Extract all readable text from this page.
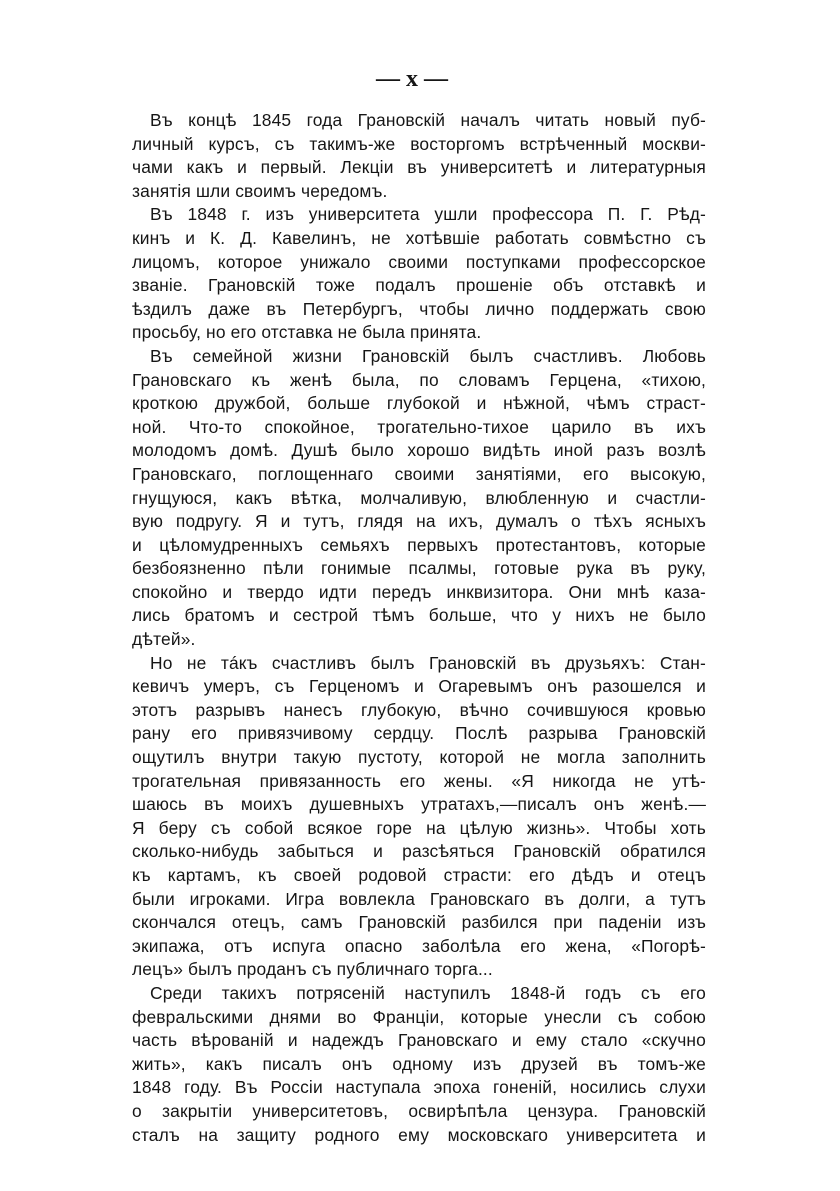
— x —
Въ концѣ 1845 года Грановскій началъ читать новый пуб-
личный курсъ, съ такимъ-же восторгомъ встрѣченный москви-
чами какъ и первый. Лекціи въ университетѣ и литературныя
занятія шли своимъ чередомъ.
Въ 1848 г. изъ университета ушли профессора П. Г. Рѣд-
кинъ и К. Д. Кавелинъ, не хотѣвшіе работать совмѣстно съ
лицомъ, которое унижало своими поступками профессорское
званіе. Грановскій тоже подалъ прошеніе объ отставкѣ и
ѣздилъ даже въ Петербургъ, чтобы лично поддержать свою
просьбу, но его отставка не была принята.
Въ семейной жизни Грановскій былъ счастливъ. Любовь
Грановскаго къ женѣ была, по словамъ Герцена, «тихою,
кроткою дружбой, больше глубокой и нѣжной, чѣмъ страст-
ной. Что-то спокойное, трогательно-тихое царило въ ихъ
молодомъ домѣ. Душѣ было хорошо видѣть иной разъ возлѣ
Грановскаго, поглощеннаго своими занятіями, его высокую,
гнущуюся, какъ вѣтка, молчаливую, влюбленную и счастли-
вую подругу. Я и тутъ, глядя на ихъ, думалъ о тѣхъ ясныхъ
и цѣломудренныхъ семьяхъ первыхъ протестантовъ, которые
безбоязненно пѣли гонимые псалмы, готовые рука въ руку,
спокойно и твердо идти передъ инквизитора. Они мнѣ каза-
лись братомъ и сестрой тѣмъ больше, что у нихъ не было
дѣтей».
Но не тáкъ счастливъ былъ Грановскій въ друзьяхъ: Стан-
кевичъ умеръ, съ Герценомъ и Огаревымъ онъ разошелся и
этотъ разрывъ нанесъ глубокую, вѣчно сочившуюся кровью
рану его привязчивому сердцу. Послѣ разрыва Грановскій
ощутилъ внутри такую пустоту, которой не могла заполнить
трогательная привязанность его жены. «Я никогда не утѣ-
шаюсь въ моихъ душевныхъ утратахъ,—писалъ онъ женѣ.—
Я беру съ собой всякое горе на цѣлую жизнь». Чтобы хоть
сколько-нибудь забыться и разсѣяться Грановскій обратился
къ картамъ, къ своей родовой страсти: его дѣдъ и отецъ
были игроками. Игра вовлекла Грановскаго въ долги, а тутъ
скончался отецъ, самъ Грановскій разбился при паденіи изъ
экипажа, отъ испуга опасно заболѣла его жена, «Погорѣ-
лецъ» былъ проданъ съ публичнаго торга...
Среди такихъ потрясеній наступилъ 1848-й годъ съ его
февральскими днями во Франціи, которые унесли съ собою
часть вѣрованій и надеждъ Грановскаго и ему стало «скучно
жить», какъ писалъ онъ одному изъ друзей въ томъ-же
1848 году. Въ Россіи наступала эпоха гоненій, носились слухи
о закрытіи университетовъ, освирѣпѣла цензура. Грановскій
сталъ на защиту родного ему московскаго университета и
